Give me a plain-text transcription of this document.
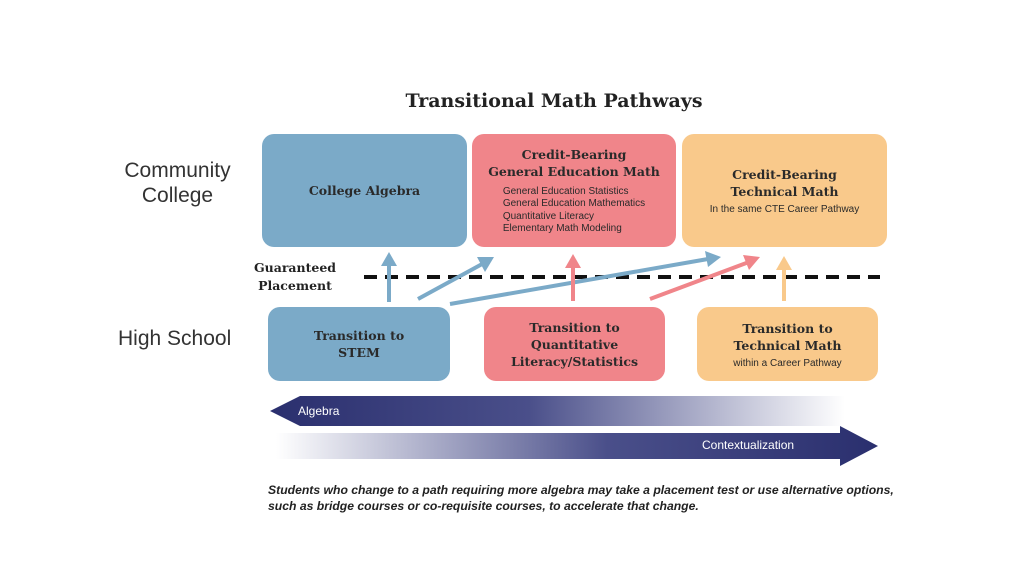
Transitional Math Pathways
Community
College
High School
College Algebra
Credit-Bearing
General Education Math
General Education Statistics
General Education Mathematics
Quantitative Literacy
Elementary Math Modeling
Credit-Bearing
Technical Math
In the same CTE Career Pathway
Guaranteed
Placement
Transition to
STEM
Transition to
Quantitative
Literacy/Statistics
Transition to
Technical Math
within a Career Pathway
Algebra
Contextualization
Students who change to a path requiring more algebra may take a placement test or use alternative options, such as bridge courses or co-requisite courses, to accelerate that change.
